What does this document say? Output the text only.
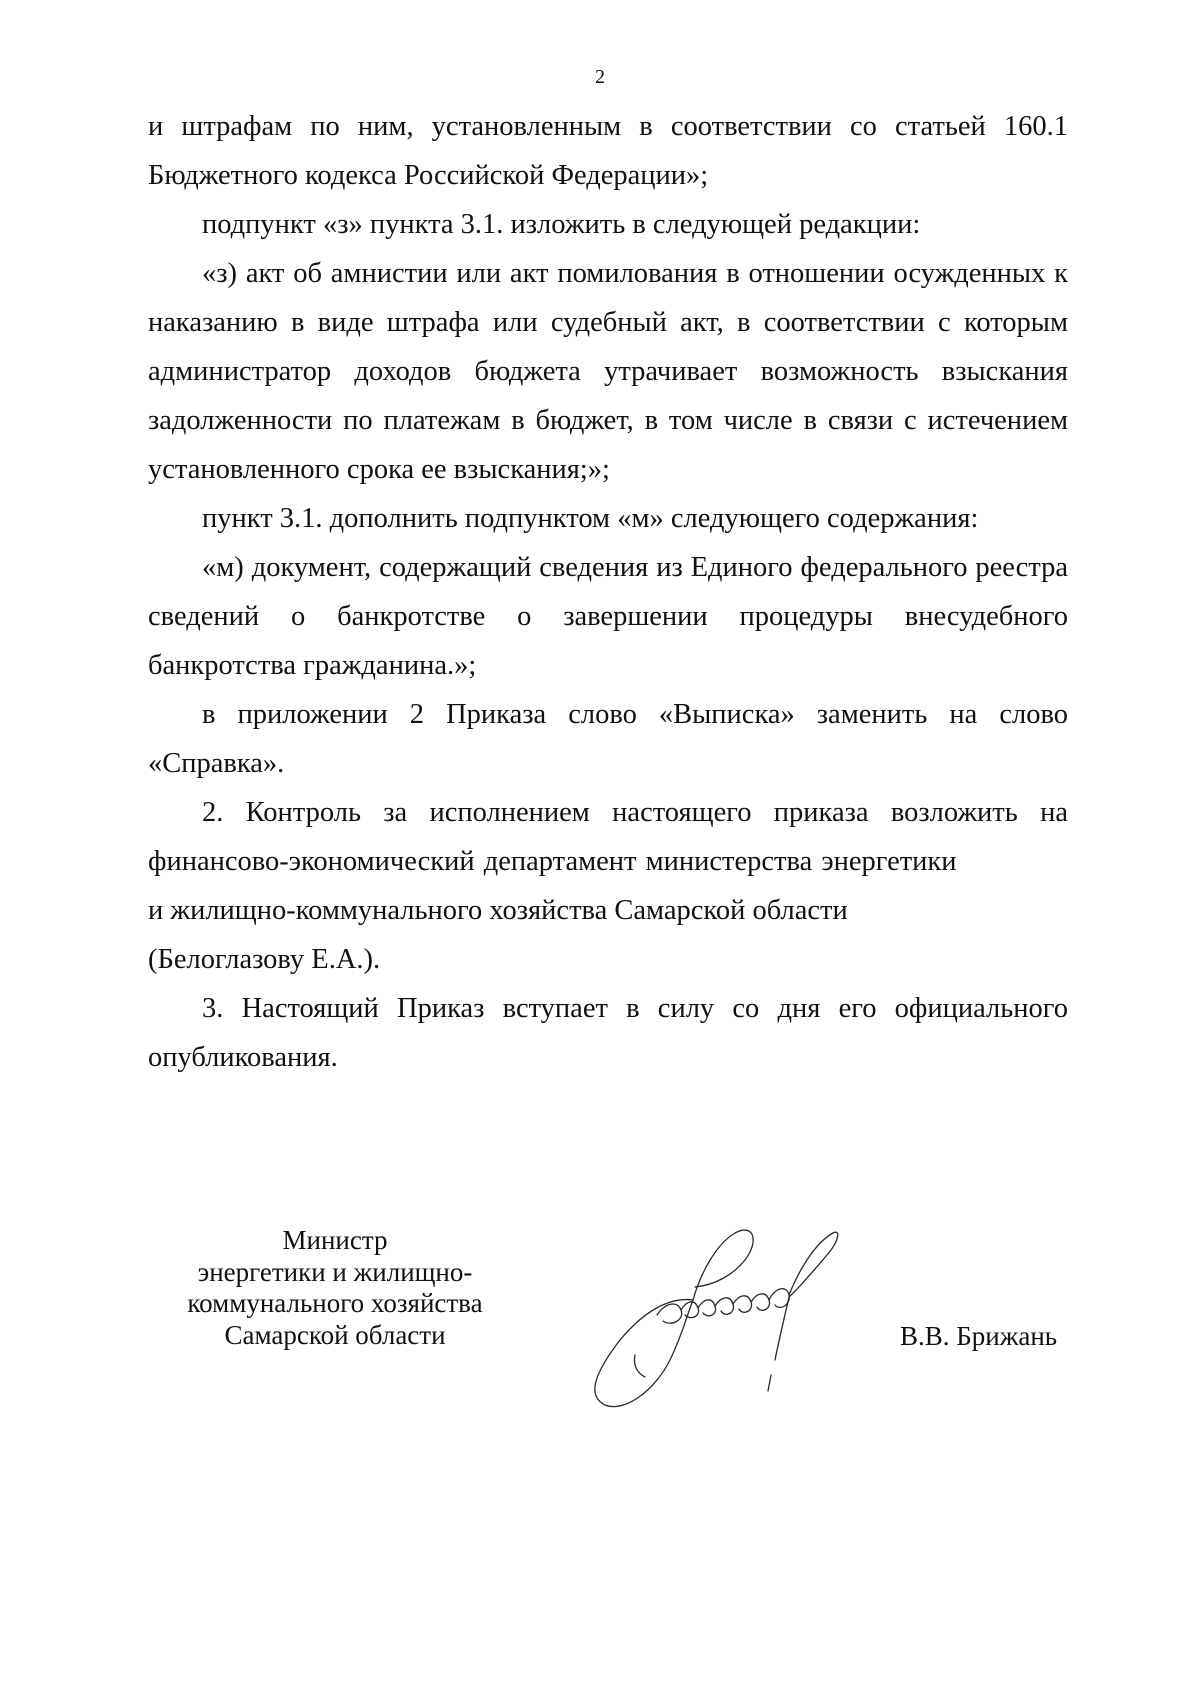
2

и штрафам по ним, установленным в соответствии со статьей 160.1 Бюджетного кодекса Российской Федерации»;

подпункт «з» пункта 3.1. изложить в следующей редакции:

«з) акт об амнистии или акт помилования в отношении осужденных к наказанию в виде штрафа или судебный акт, в соответствии с которым администратор доходов бюджета утрачивает возможность взыскания задолженности по платежам в бюджет, в том числе в связи с истечением установленного срока ее взыскания;»;

пункт 3.1. дополнить подпунктом «м» следующего содержания:

«м) документ, содержащий сведения из Единого федерального реестра сведений о банкротстве о завершении процедуры внесудебного банкротства гражданина.»;

в приложении 2 Приказа слово «Выписка» заменить на слово «Справка».

2. Контроль за исполнением настоящего приказа возложить на финансово-экономический департамент министерства энергетики

и жилищно-коммунального хозяйства Самарской области

(Белоглазову Е.А.).

3. Настоящий Приказ вступает в силу со дня его официального опубликования.

Министр
энергетики и жилищно-
коммунального хозяйства
Самарской области	В.В. Брижань
